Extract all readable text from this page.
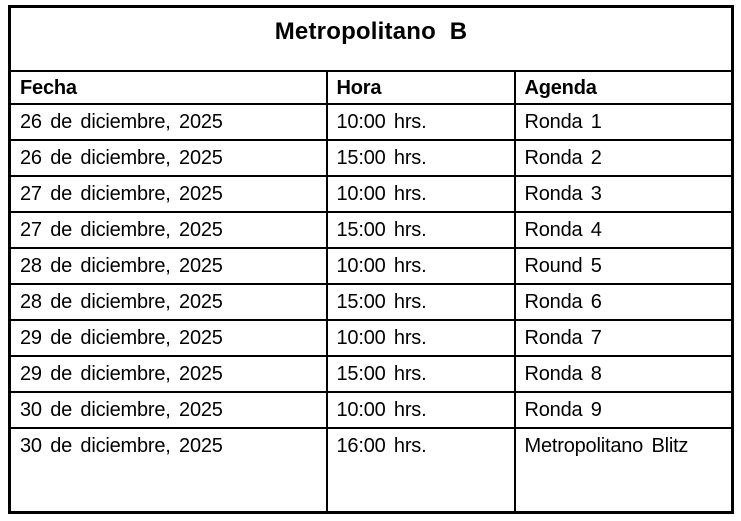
Metropolitano  B		
Fecha	Hora	Agenda
26 de diciembre, 2025	10:00 hrs.	Ronda 1
26 de diciembre, 2025	15:00 hrs.	Ronda 2
27 de diciembre, 2025	10:00 hrs.	Ronda 3
27 de diciembre, 2025	15:00 hrs.	Ronda 4
28 de diciembre, 2025	10:00 hrs.	Round 5
28 de diciembre, 2025	15:00 hrs.	Ronda 6
29 de diciembre, 2025	10:00 hrs.	Ronda 7
29 de diciembre, 2025	15:00 hrs.	Ronda 8
30 de diciembre, 2025	10:00 hrs.	Ronda 9
30 de diciembre, 2025	16:00 hrs.	Metropolitano Blitz
